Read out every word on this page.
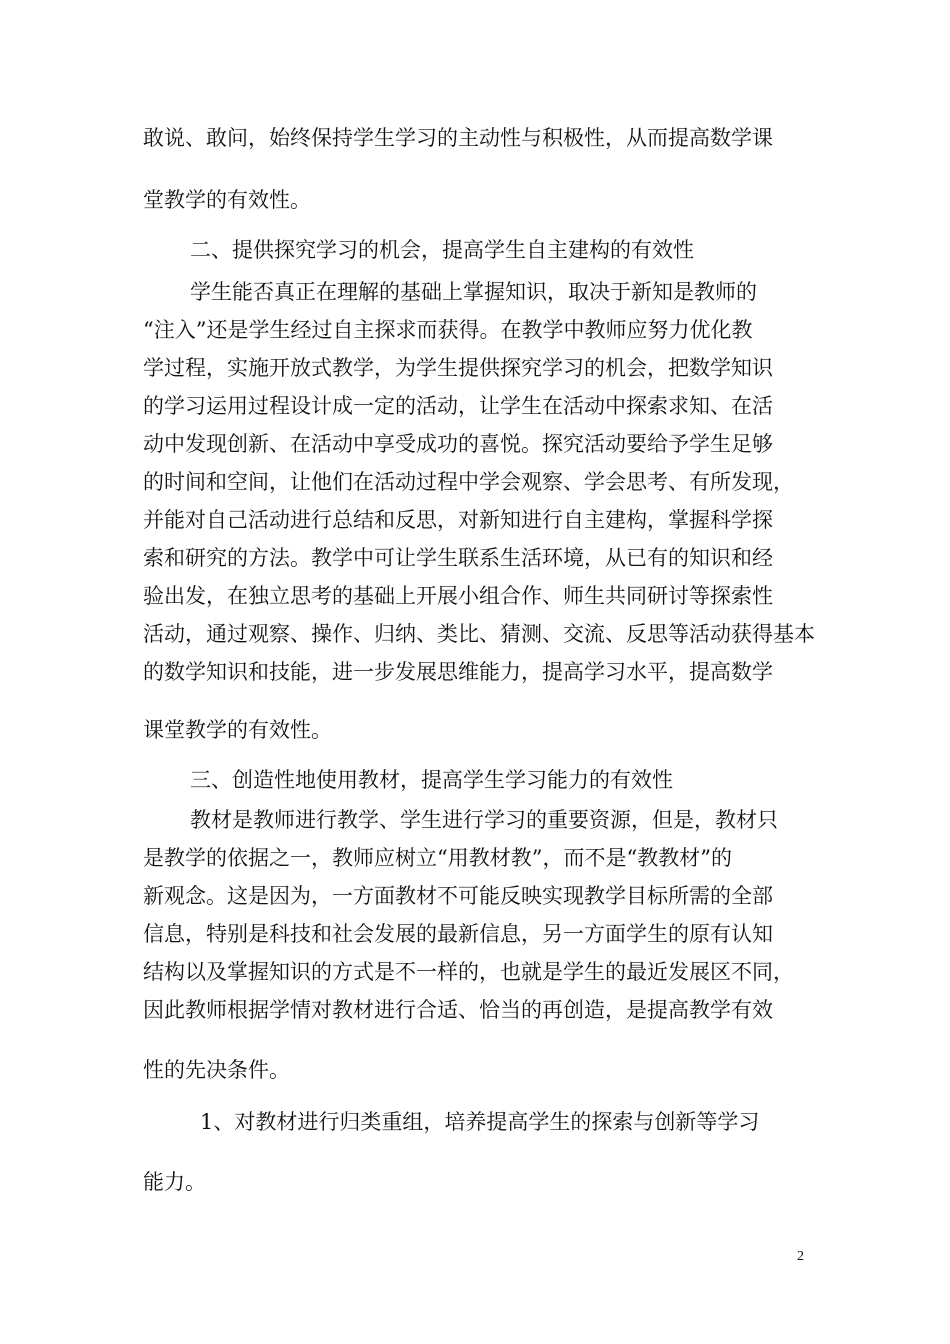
敢说、敢问，始终保持学生学习的主动性与积极性，从而提高数学课
堂教学的有效性。
二、提供探究学习的机会，提高学生自主建构的有效性
学生能否真正在理解的基础上掌握知识，取决于新知是教师的
“注入”还是学生经过自主探求而获得。在教学中教师应努力优化教
学过程，实施开放式教学，为学生提供探究学习的机会，把数学知识
的学习运用过程设计成一定的活动，让学生在活动中探索求知、在活
动中发现创新、在活动中享受成功的喜悦。探究活动要给予学生足够
的时间和空间，让他们在活动过程中学会观察、学会思考、有所发现，
并能对自己活动进行总结和反思，对新知进行自主建构，掌握科学探
索和研究的方法。教学中可让学生联系生活环境，从已有的知识和经
验出发，在独立思考的基础上开展小组合作、师生共同研讨等探索性
活动，通过观察、操作、归纳、类比、猜测、交流、反思等活动获得基本
的数学知识和技能，进一步发展思维能力，提高学习水平，提高数学
课堂教学的有效性。
三、创造性地使用教材，提高学生学习能力的有效性
教材是教师进行教学、学生进行学习的重要资源，但是，教材只
是教学的依据之一，教师应树立“用教材教”，而不是“教教材”的
新观念。这是因为，一方面教材不可能反映实现教学目标所需的全部
信息，特别是科技和社会发展的最新信息，另一方面学生的原有认知
结构以及掌握知识的方式是不一样的，也就是学生的最近发展区不同，
因此教师根据学情对教材进行合适、恰当的再创造，是提高教学有效
性的先决条件。
1、对教材进行归类重组，培养提高学生的探索与创新等学习
能力。
2
